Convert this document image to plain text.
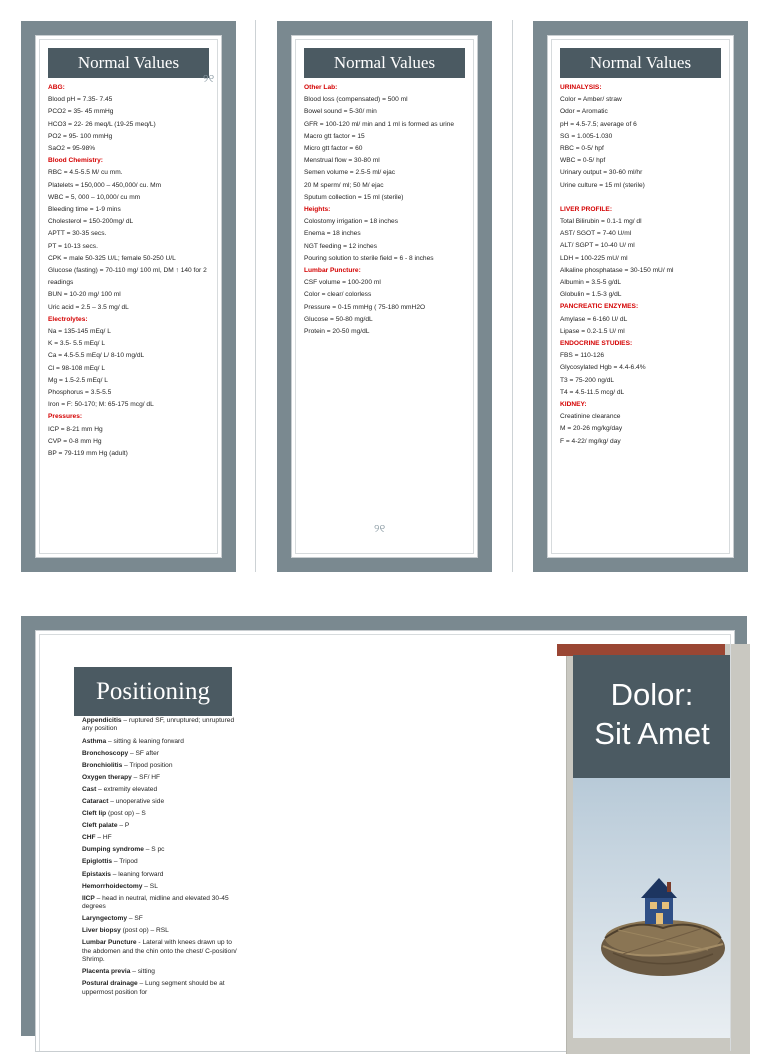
Normal Values
ABG:
Blood pH = 7.35- 7.45
PCO2 = 35- 45 mmHg
HCO3 = 22- 26 meq/L (19-25 meq/L)
PO2 = 95- 100 mmHg
SaO2 = 95-98%
Blood Chemistry:
RBC = 4.5-5.5 M/ cu mm.
Platelets = 150,000 – 450,000/ cu. Mm
WBC = 5, 000 – 10,000/ cu mm
Bleeding time = 1-9 mins
Cholesterol = 150-200mg/ dL
APTT = 30-35 secs.
PT = 10-13 secs.
CPK = male 50-325 U/L; female 50-250 U/L
Glucose (fasting) = 70-110 mg/ 100 ml, DM ↑ 140 for 2 readings
BUN = 10-20 mg/ 100 ml
Uric acid = 2.5 – 3.5 mg/ dL
Electrolytes:
Na = 135-145 mEq/ L
K = 3.5- 5.5 mEq/ L
Ca = 4.5-5.5 mEq/ L/ 8-10 mg/dL
Cl = 98-108 mEq/ L
Mg = 1.5-2.5 mEq/ L
Phosphorus = 3.5-5.5
Iron = F: 50-170; M: 65-175 mcg/ dL
Pressures:
ICP = 8-21 mm Hg
CVP = 0-8 mm Hg
BP = 79-119 mm Hg (adult)
୨୧
Normal Values
Other Lab:
Blood loss (compensated) = 500 ml
Bowel sound = 5-30/ min
GFR = 100-120 ml/ min and 1 ml is formed as urine
Macro gtt factor = 15
Micro gtt factor = 60
Menstrual flow = 30-80 ml
Semen volume = 2.5-5 ml/ ejac
20 M sperm/ ml; 50 M/ ejac
Sputum collection = 15 ml (sterile)
Heights:
Colostomy irrigation = 18 inches
Enema = 18 inches
NGT feeding = 12 inches
Pouring solution to sterile field = 6 - 8 inches
Lumbar Puncture:
CSF volume = 100-200 ml
Color = clear/ colorless
Pressure = 0-15 mmHg ( 75-180 mmH2O
Glucose = 50-80 mg/dL
Protein = 20-50 mg/dL
୨୧
Normal Values
URINALYSIS:
Color = Amber/ straw
Odor = Aromatic
pH = 4.5-7.5; average of 6
SG = 1.005-1.030
RBC = 0-5/ hpf
WBC = 0-5/ hpf
Urinary output = 30-60 ml/hr
Urine culture = 15 ml (sterile)
LIVER PROFILE:
Total Bilirubin = 0.1-1 mg/ dl
AST/ SGOT = 7-40 U/ml
ALT/ SGPT = 10-40 U/ ml
LDH = 100-225 mU/ ml
Alkaline phosphatase = 30-150 mU/ ml
Albumin = 3.5-5 g/dL
Globulin = 1.5-3 g/dL
PANCREATIC ENZYMES:
Amylase = 6-160 U/ dL
Lipase = 0.2-1.5 U/ ml
ENDOCRINE STUDIES:
FBS = 110-126
Glycosylated Hgb = 4.4-6.4%
T3 = 75-200 ng/dL
T4 = 4.5-11.5 mcg/ dL
KIDNEY:
Creatinine clearance
M = 20-26 mg/kg/day
F = 4-22/ mg/kg/ day
Positioning
Appendicitis – ruptured SF, unruptured; unruptured any position
Asthma – sitting & leaning forward
Bronchoscopy – SF after
Bronchiolitis – Tripod position
Oxygen therapy – SF/ HF
Cast – extremity elevated
Cataract – unoperative side
Cleft lip (post op) – S
Cleft palate – P
CHF – HF
Dumping syndrome – S pc
Epiglottis – Tripod
Epistaxis – leaning forward
Hemorrhoidectomy – SL
IICP – head in neutral, midline and elevated 30-45 degrees
Laryngectomy – SF
Liver biopsy (post op) – RSL
Lumbar Puncture - Lateral with knees drawn up to the abdomen and the chin onto the chest/ C-position/ Shrimp.
Placenta previa – sitting
Postural drainage – Lung segment should be at uppermost position for
Dolor:
Sit Amet
